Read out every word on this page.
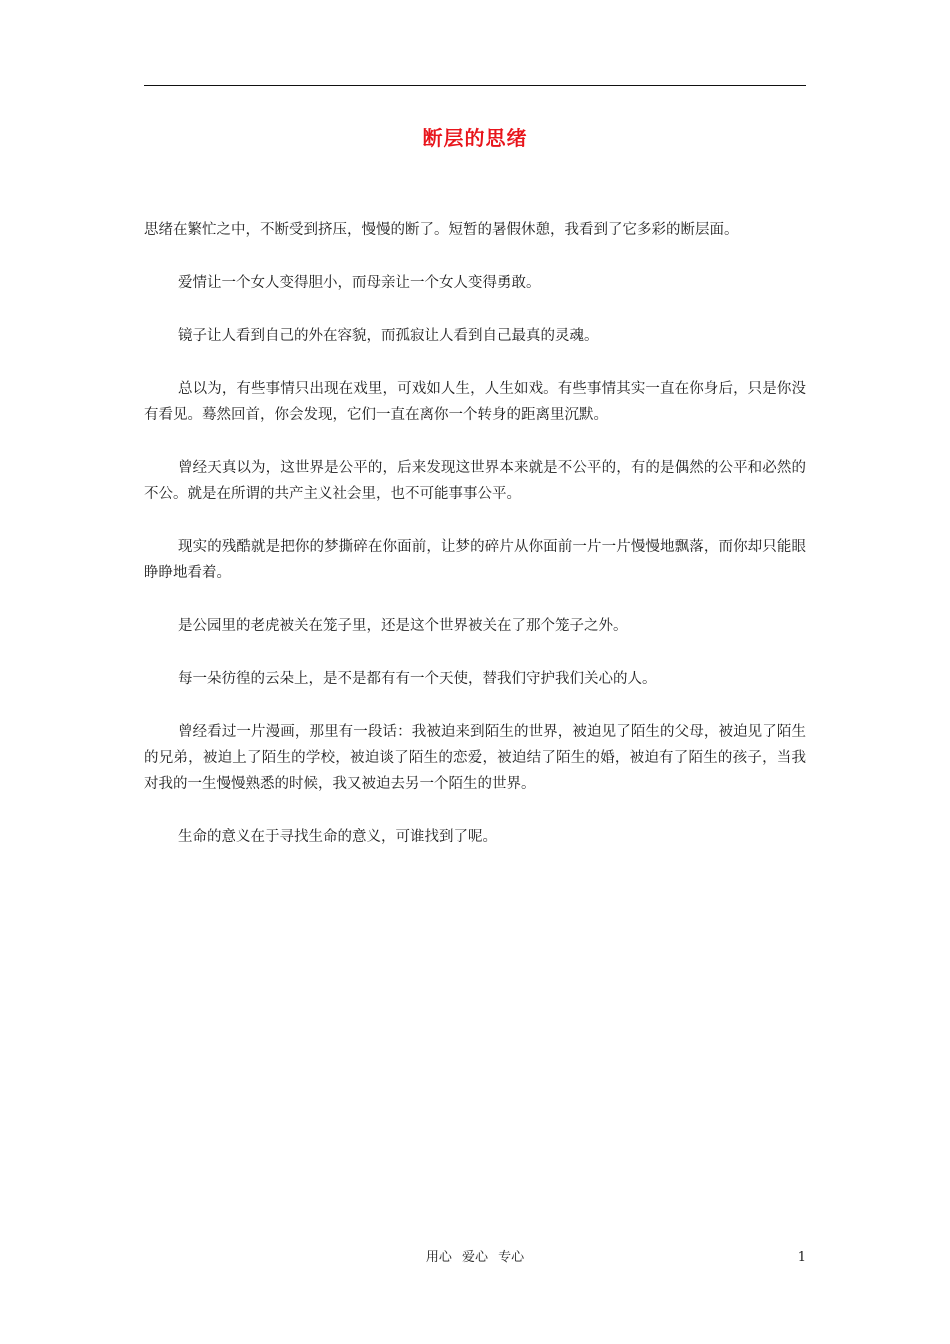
断层的思绪

思绪在繁忙之中，不断受到挤压，慢慢的断了。短暂的暑假休憩，我看到了它多彩的断层面。

爱情让一个女人变得胆小，而母亲让一个女人变得勇敢。

镜子让人看到自己的外在容貌，而孤寂让人看到自己最真的灵魂。

总以为，有些事情只出现在戏里，可戏如人生，人生如戏。有些事情其实一直在你身后，只是你没有看见。蓦然回首，你会发现，它们一直在离你一个转身的距离里沉默。

曾经天真以为，这世界是公平的，后来发现这世界本来就是不公平的，有的是偶然的公平和必然的不公。就是在所谓的共产主义社会里，也不可能事事公平。

现实的残酷就是把你的梦撕碎在你面前，让梦的碎片从你面前一片一片慢慢地飘落，而你却只能眼睁睁地看着。

是公园里的老虎被关在笼子里，还是这个世界被关在了那个笼子之外。

每一朵彷徨的云朵上，是不是都有有一个天使，替我们守护我们关心的人。

曾经看过一片漫画，那里有一段话：我被迫来到陌生的世界，被迫见了陌生的父母，被迫见了陌生的兄弟，被迫上了陌生的学校，被迫谈了陌生的恋爱，被迫结了陌生的婚，被迫有了陌生的孩子，当我对我的一生慢慢熟悉的时候，我又被迫去另一个陌生的世界。

生命的意义在于寻找生命的意义，可谁找到了呢。

用心 爱心 专心	1
